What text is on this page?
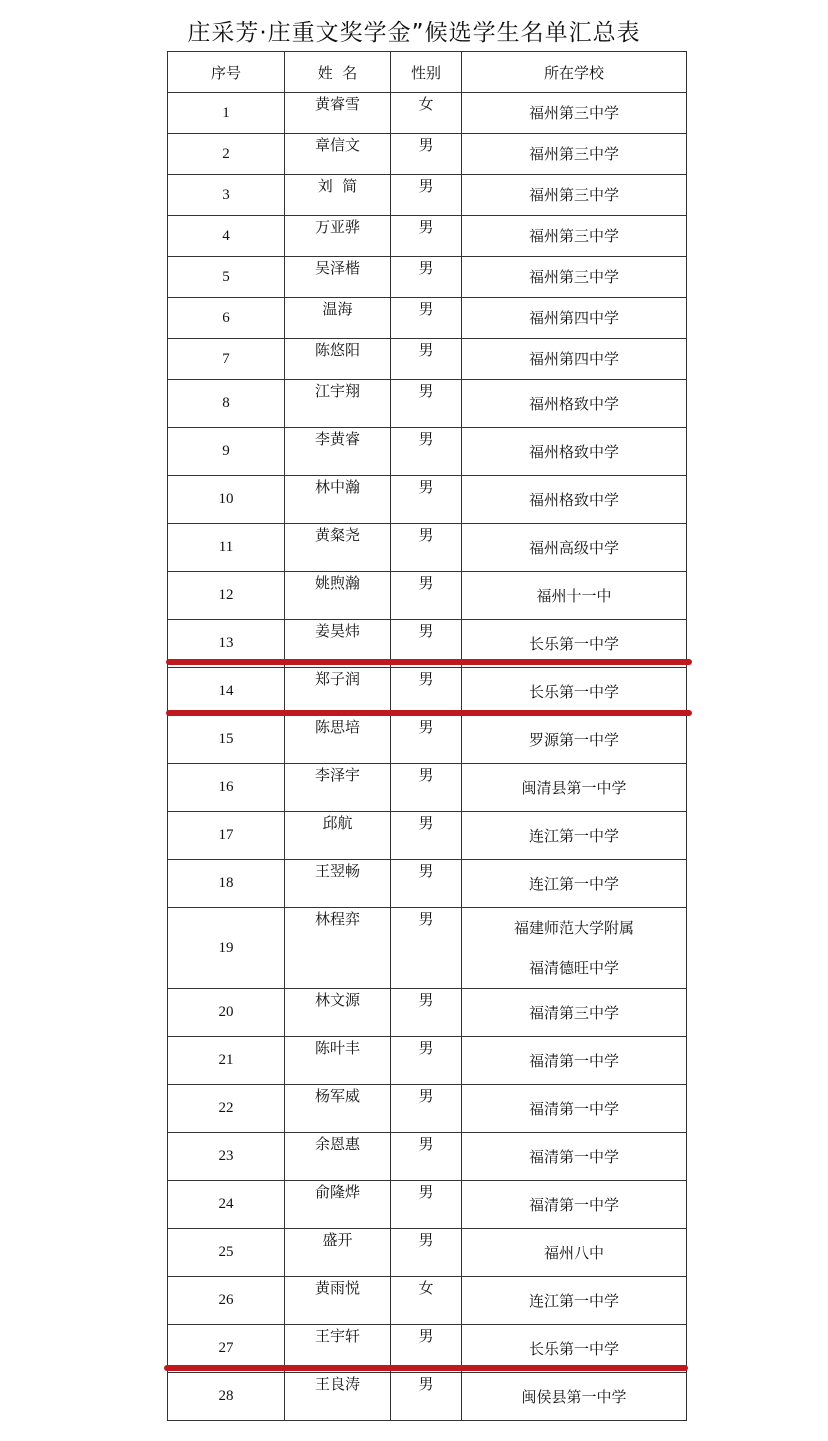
庄采芳·庄重文奖学金”候选学生名单汇总表
序号	姓  名	性别	所在学校
1	黄睿雪	女	福州第三中学

2	章信文	男	福州第三中学

3	刘  简	男	福州第三中学

4	万亚骅	男	福州第三中学

5	吴泽楷	男	福州第三中学

6	温海	男	福州第四中学

7	陈悠阳	男	福州第四中学

8	江宇翔	男	福州格致中学

9	李黄睿	男	福州格致中学

10	林中瀚	男	福州格致中学

11	黄粲尧	男	福州高级中学

12	姚煦瀚	男	福州十一中

13	姜昊炜	男	长乐第一中学

14	郑子润	男	长乐第一中学

15	陈思培	男	罗源第一中学

16	李泽宇	男	闽清县第一中学

17	邱航	男	连江第一中学

18	王翌畅	男	连江第一中学

19	林程弈	男	福建师范大学附属
福清德旺中学

20	林文源	男	福清第三中学

21	陈叶丰	男	福清第一中学

22	杨军威	男	福清第一中学

23	余恩惠	男	福清第一中学

24	俞隆烨	男	福清第一中学

25	盛开	男	福州八中

26	黄雨悦	女	连江第一中学

27	王宇轩	男	长乐第一中学

28	王良涛	男	闽侯县第一中学
